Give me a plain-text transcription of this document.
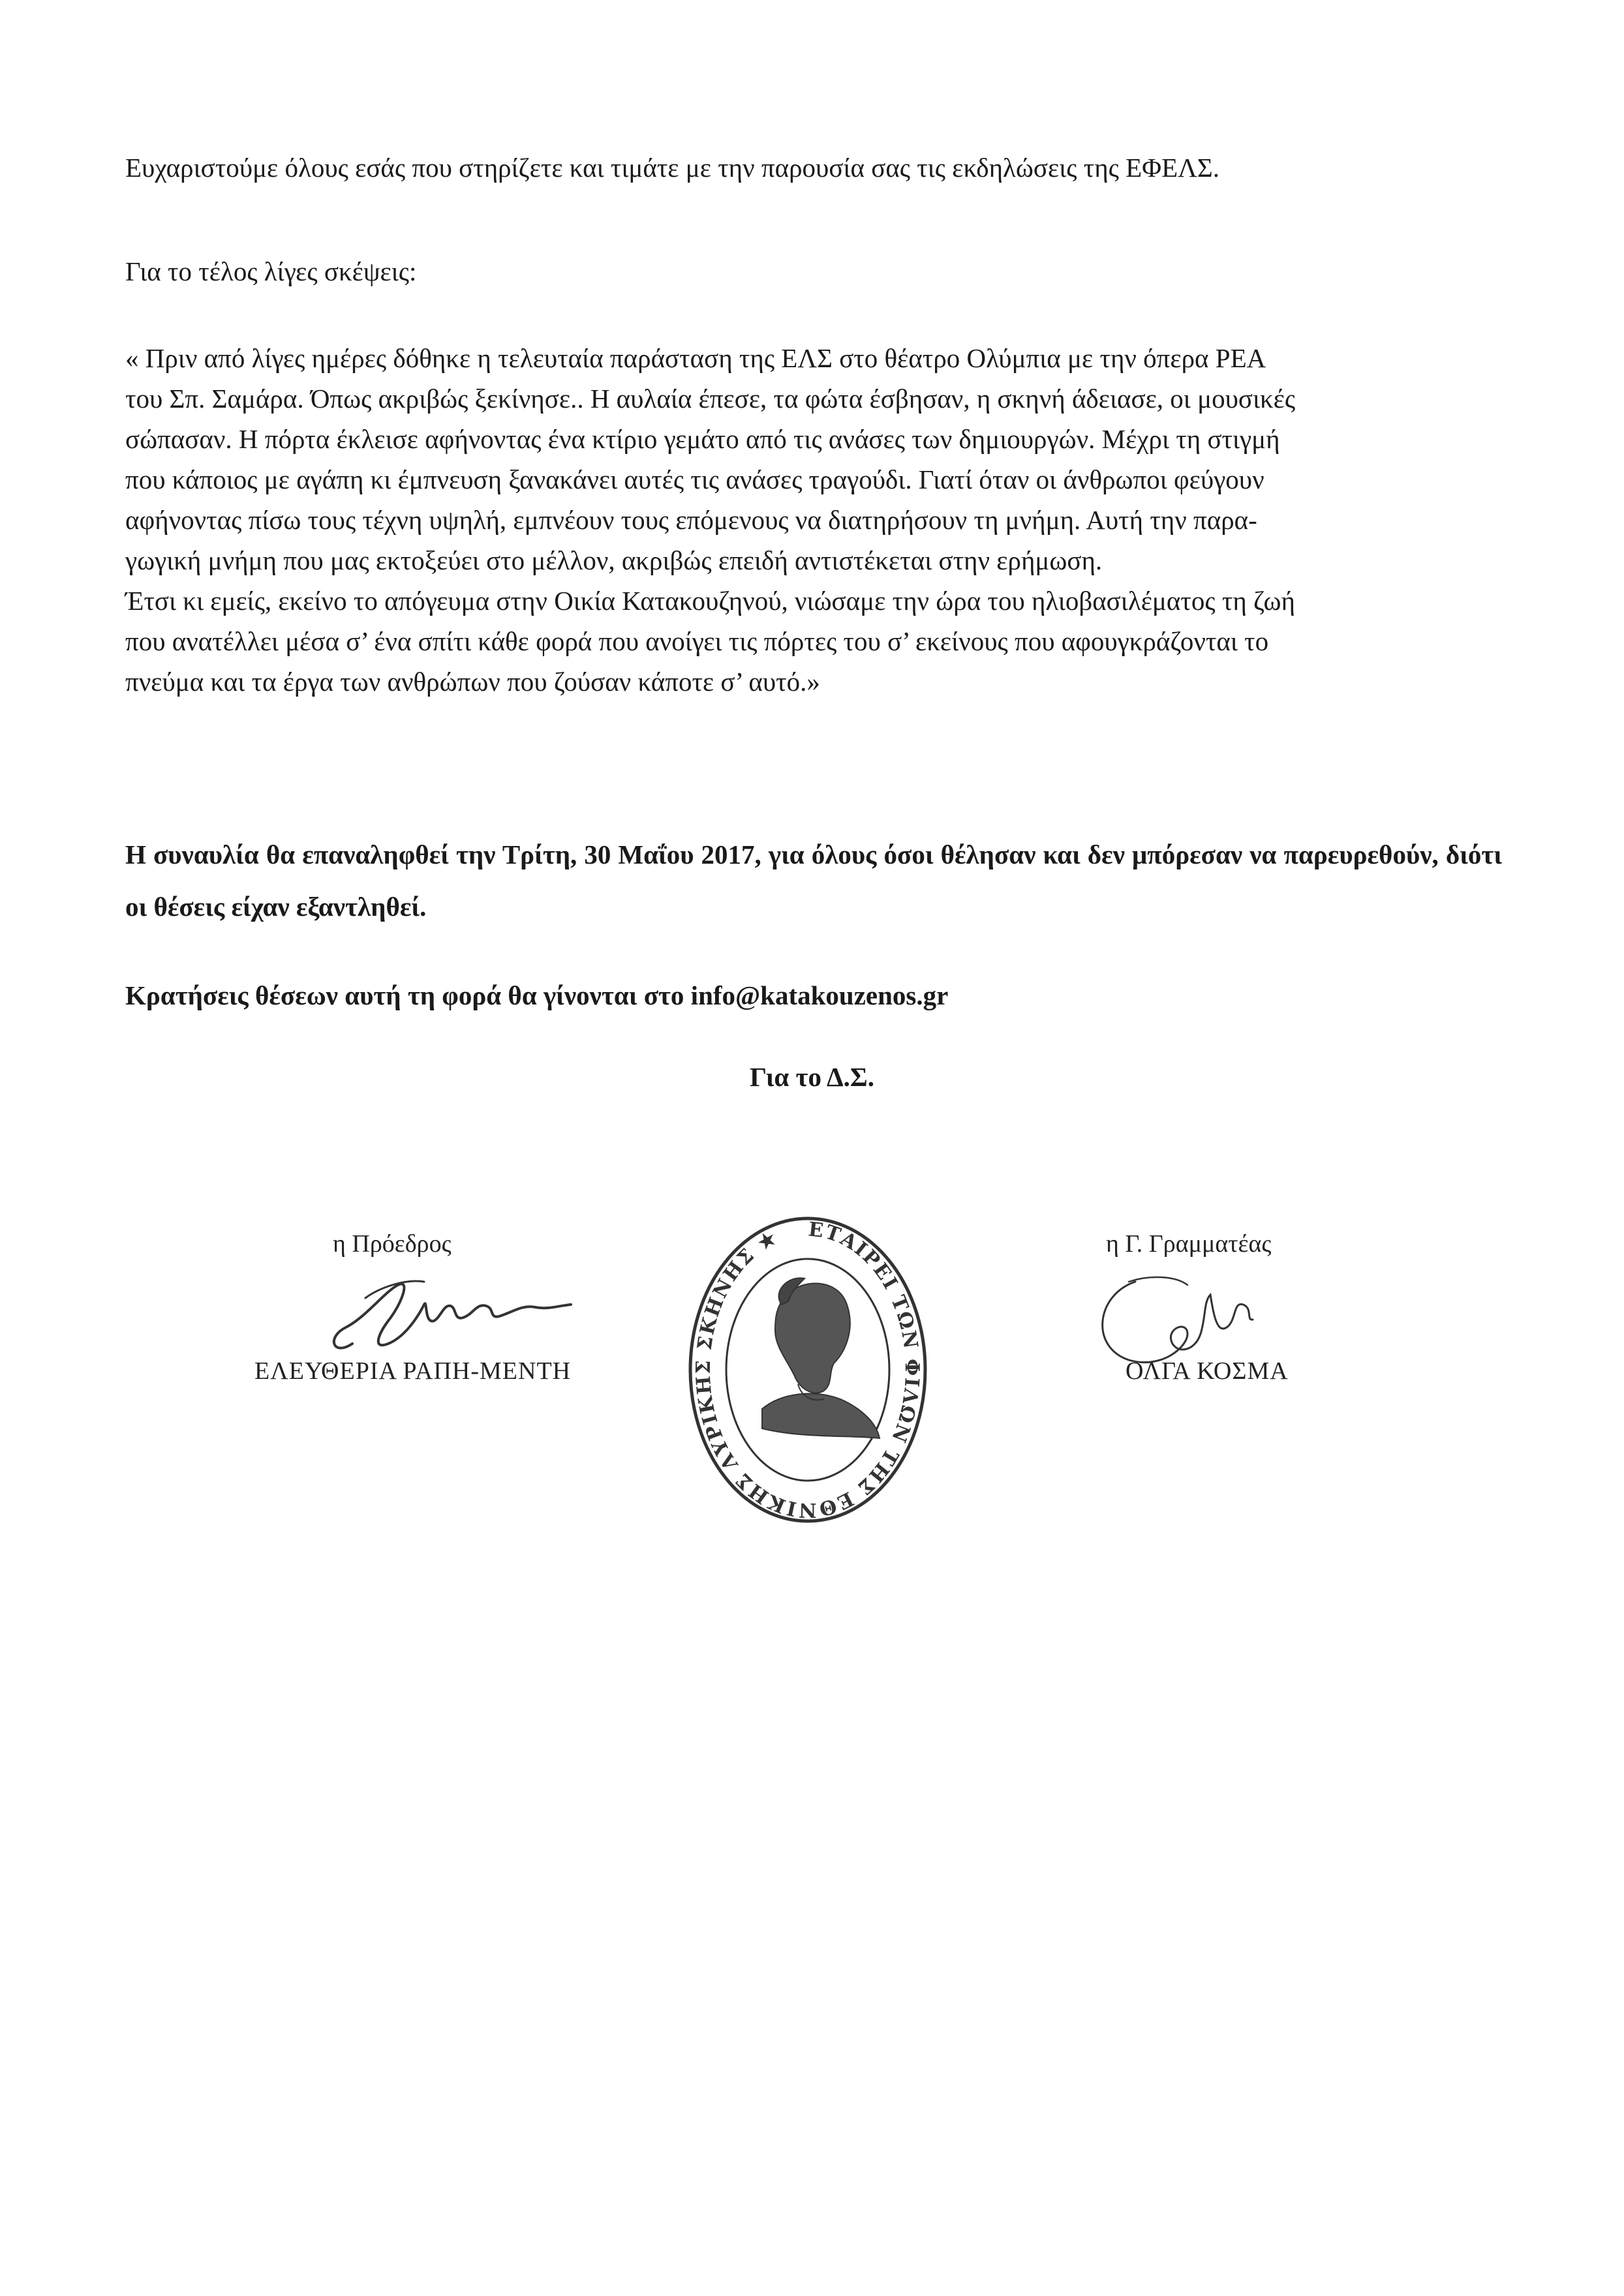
Ευχαριστούμε όλους εσάς που στηρίζετε και τιμάτε με την παρουσία σας τις εκδηλώσεις της ΕΦΕΛΣ.

Για το τέλος λίγες σκέψεις:

« Πριν από λίγες ημέρες δόθηκε η τελευταία παράσταση της ΕΛΣ στο θέατρο Ολύμπια με την όπερα ΡΕΑ
του Σπ. Σαμάρα. Όπως ακριβώς ξεκίνησε.. Η αυλαία έπεσε, τα φώτα έσβησαν, η σκηνή άδειασε, οι μουσικές
σώπασαν. Η πόρτα έκλεισε αφήνοντας ένα κτίριο γεμάτο από τις ανάσες των δημιουργών. Μέχρι τη στιγμή
που κάποιος με αγάπη κι έμπνευση ξανακάνει αυτές τις ανάσες τραγούδι. Γιατί όταν οι άνθρωποι φεύγουν
αφήνοντας πίσω τους τέχνη υψηλή, εμπνέουν τους επόμενους να διατηρήσουν τη μνήμη. Αυτή την παρα-
γωγική μνήμη που μας εκτοξεύει στο μέλλον, ακριβώς επειδή αντιστέκεται στην ερήμωση.
Έτσι κι εμείς, εκείνο το απόγευμα στην Οικία Κατακουζηνού, νιώσαμε την ώρα του ηλιοβασιλέματος τη ζωή
που ανατέλλει μέσα σ’ ένα σπίτι κάθε φορά που ανοίγει τις πόρτες του σ’ εκείνους που αφουγκράζονται το
πνεύμα και τα έργα των ανθρώπων που ζούσαν κάποτε σ’ αυτό.»

Η συναυλία θα επαναληφθεί την Τρίτη, 30 Μαΐου 2017, για όλους όσοι θέλησαν και δεν μπόρεσαν να παρευρεθούν, διότι οι θέσεις είχαν εξαντληθεί.

Κρατήσεις θέσεων αυτή τη φορά θα γίνονται στο info@katakouzenos.gr

Για το Δ.Σ.
η Πρόεδρος
ΕΛΕΥΘΕΡΙΑ ΡΑΠΗ-ΜΕΝΤΗ
ΕΤΑΙΡΕΙ ΤΩΝ ΦΙΛΩΝ ΤΗΣ ΕΘΝΙΚΗΣ ΛΥΡΙΚΗΣ ΣΚΗΝΗΣ ★	η Γ. Γραμματέας
ΟΛΓΑ ΚΟΣΜΑ
